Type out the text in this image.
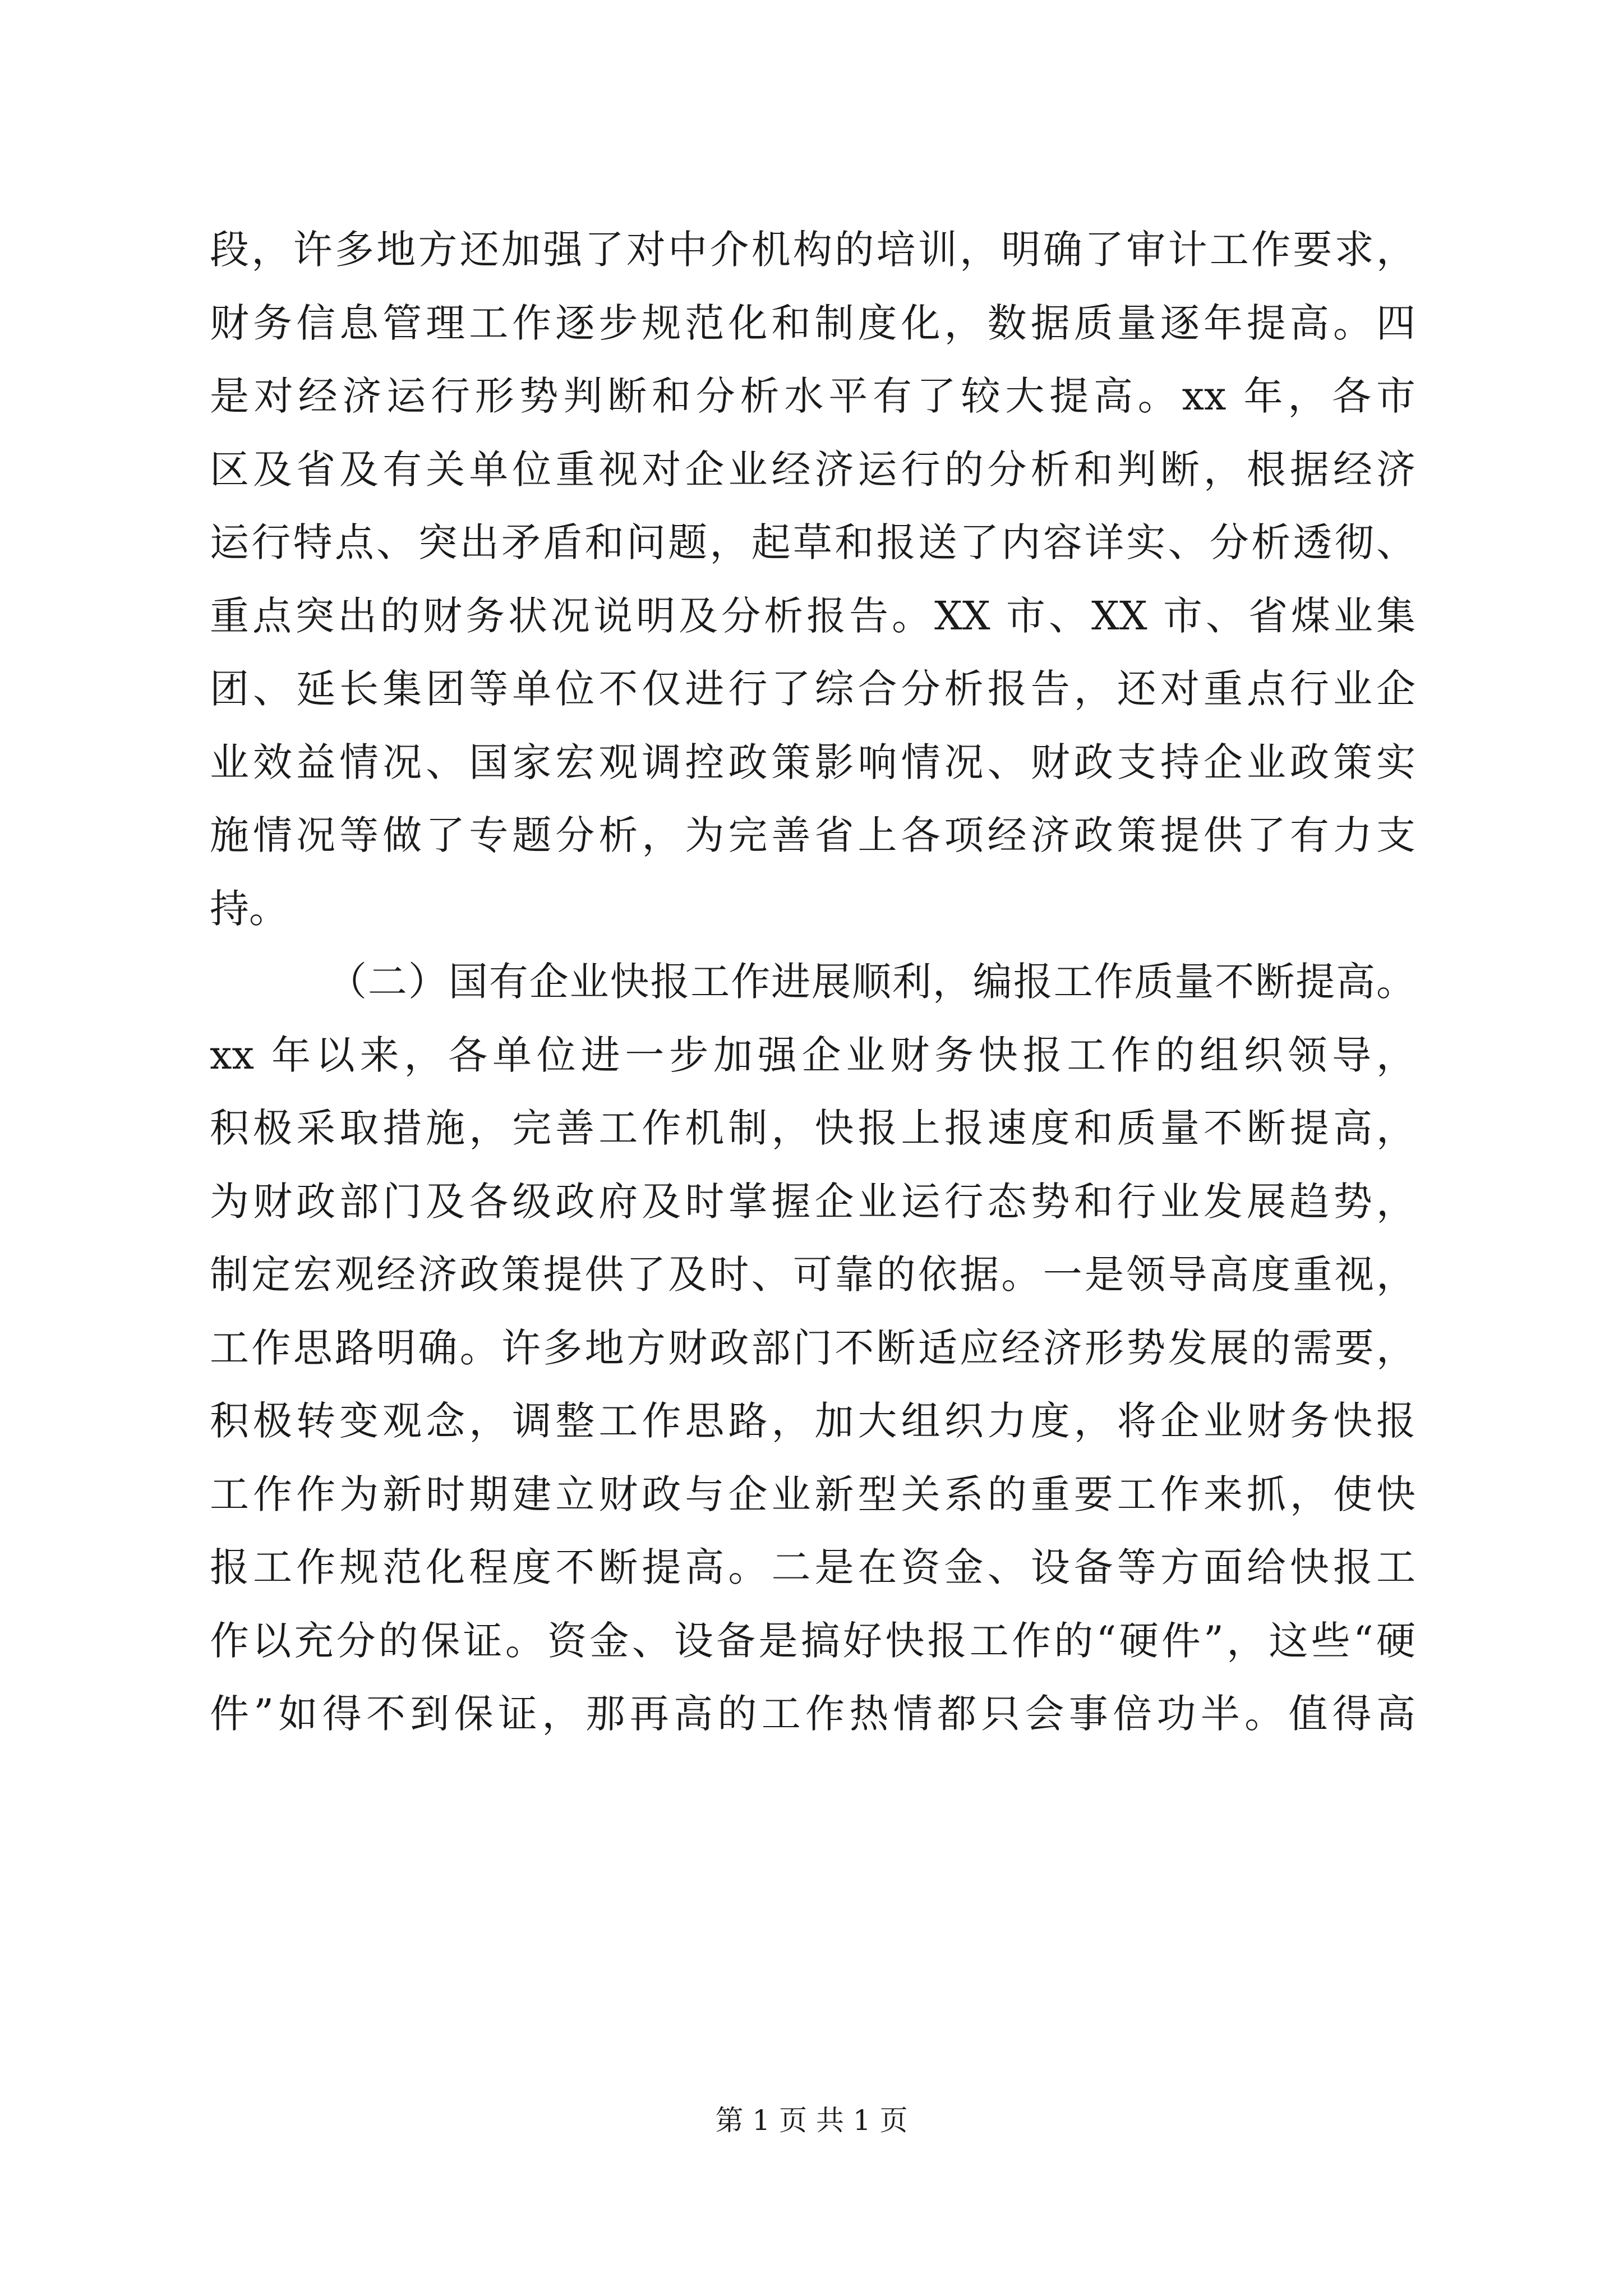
段，许多地方还加强了对中介机构的培训，明确了审计工作要求，
财务信息管理工作逐步规范化和制度化，数据质量逐年提高。四
是对经济运行形势判断和分析水平有了较大提高。xx 年，各市
区及省及有关单位重视对企业经济运行的分析和判断，根据经济
运行特点、突出矛盾和问题，起草和报送了内容详实、分析透彻、
重点突出的财务状况说明及分析报告。XX 市、XX 市、省煤业集
团、延长集团等单位不仅进行了综合分析报告，还对重点行业企
业效益情况、国家宏观调控政策影响情况、财政支持企业政策实
施情况等做了专题分析，为完善省上各项经济政策提供了有力支
持。
（二）国有企业快报工作进展顺利，编报工作质量不断提高。
xx 年以来，各单位进一步加强企业财务快报工作的组织领导，
积极采取措施，完善工作机制，快报上报速度和质量不断提高，
为财政部门及各级政府及时掌握企业运行态势和行业发展趋势，
制定宏观经济政策提供了及时、可靠的依据。一是领导高度重视，
工作思路明确。许多地方财政部门不断适应经济形势发展的需要，
积极转变观念，调整工作思路，加大组织力度，将企业财务快报
工作作为新时期建立财政与企业新型关系的重要工作来抓，使快
报工作规范化程度不断提高。二是在资金、设备等方面给快报工
作以充分的保证。资金、设备是搞好快报工作的“硬件”，这些“硬
件”如得不到保证，那再高的工作热情都只会事倍功半。值得高
第 1 页 共 1 页
